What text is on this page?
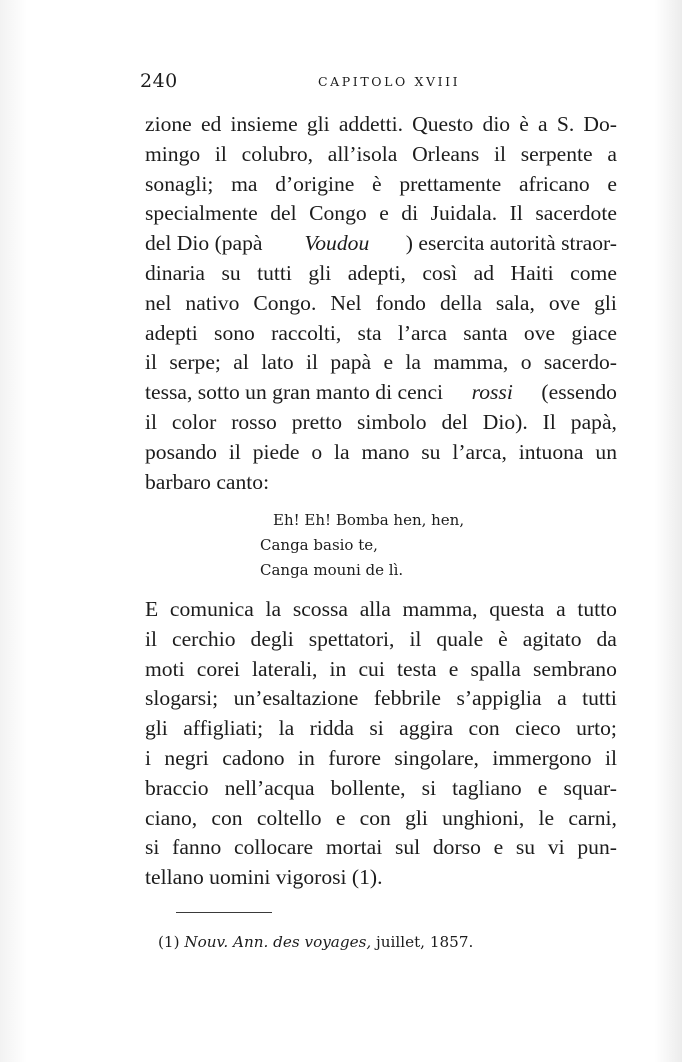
240	CAPITOLO XVIII
zione ed insieme gli addetti. Questo dio è a S. Do-
mingo il colubro, all’isola Orleans il serpente a
sonagli; ma d’origine è prettamente africano e
specialmente del Congo e di Juidala. Il sacerdote
del Dio (papà Voudou ) esercita autorità straor-
dinaria su tutti gli adepti, così ad Haiti come
nel nativo Congo. Nel fondo della sala, ove gli
adepti sono raccolti, sta l’arca santa ove giace
il serpe; al lato il papà e la mamma, o sacerdo-
tessa, sotto un gran manto di cenci rossi (essendo
il color rosso pretto simbolo del Dio). Il papà,
posando il piede o la mano su l’arca, intuona un
barbaro canto:
Eh! Eh! Bomba hen, hen,
Canga basio te,
Canga mouni de lì.
E comunica la scossa alla mamma, questa a tutto
il cerchio degli spettatori, il quale è agitato da
moti corei laterali, in cui testa e spalla sembrano
slogarsi; un’esaltazione febbrile s’appiglia a tutti
gli affigliati; la ridda si aggira con cieco urto;
i negri cadono in furore singolare, immergono il
braccio nell’acqua bollente, si tagliano e squar-
ciano, con coltello e con gli unghioni, le carni,
si fanno collocare mortai sul dorso e su vi pun-
tellano uomini vigorosi (1).
(1) Nouv. Ann. des voyages, juillet, 1857.
